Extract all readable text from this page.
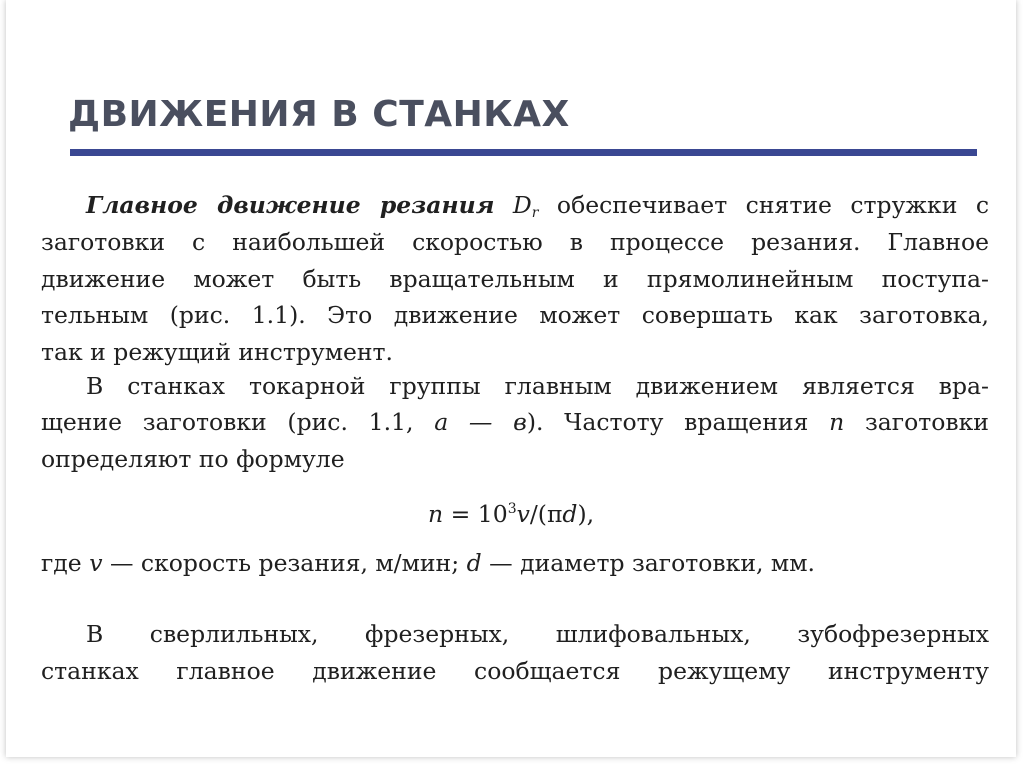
ДВИЖЕНИЯ В СТАНКАХ
Главное движение резания $D_r$ обеспечивает снятие стружки с
заготовки с наибольшей скоростью в процессе резания. Главное
движение может быть вращательным и прямолинейным поступа-
тельным (рис. 1.1). Это движение может совершать как заготовка,
так и режущий инструмент.
В станках токарной группы главным движением является вра-
щение заготовки (рис. 1.1, а — в). Частоту вращения n заготовки
определяют по формуле
$n = 10^3v/(\pi d)$,
где v — скорость резания, м/мин; d — диаметр заготовки, мм.
В сверлильных, фрезерных, шлифовальных, зубофрезерных
станках главное движение сообщается режущему инструменту
